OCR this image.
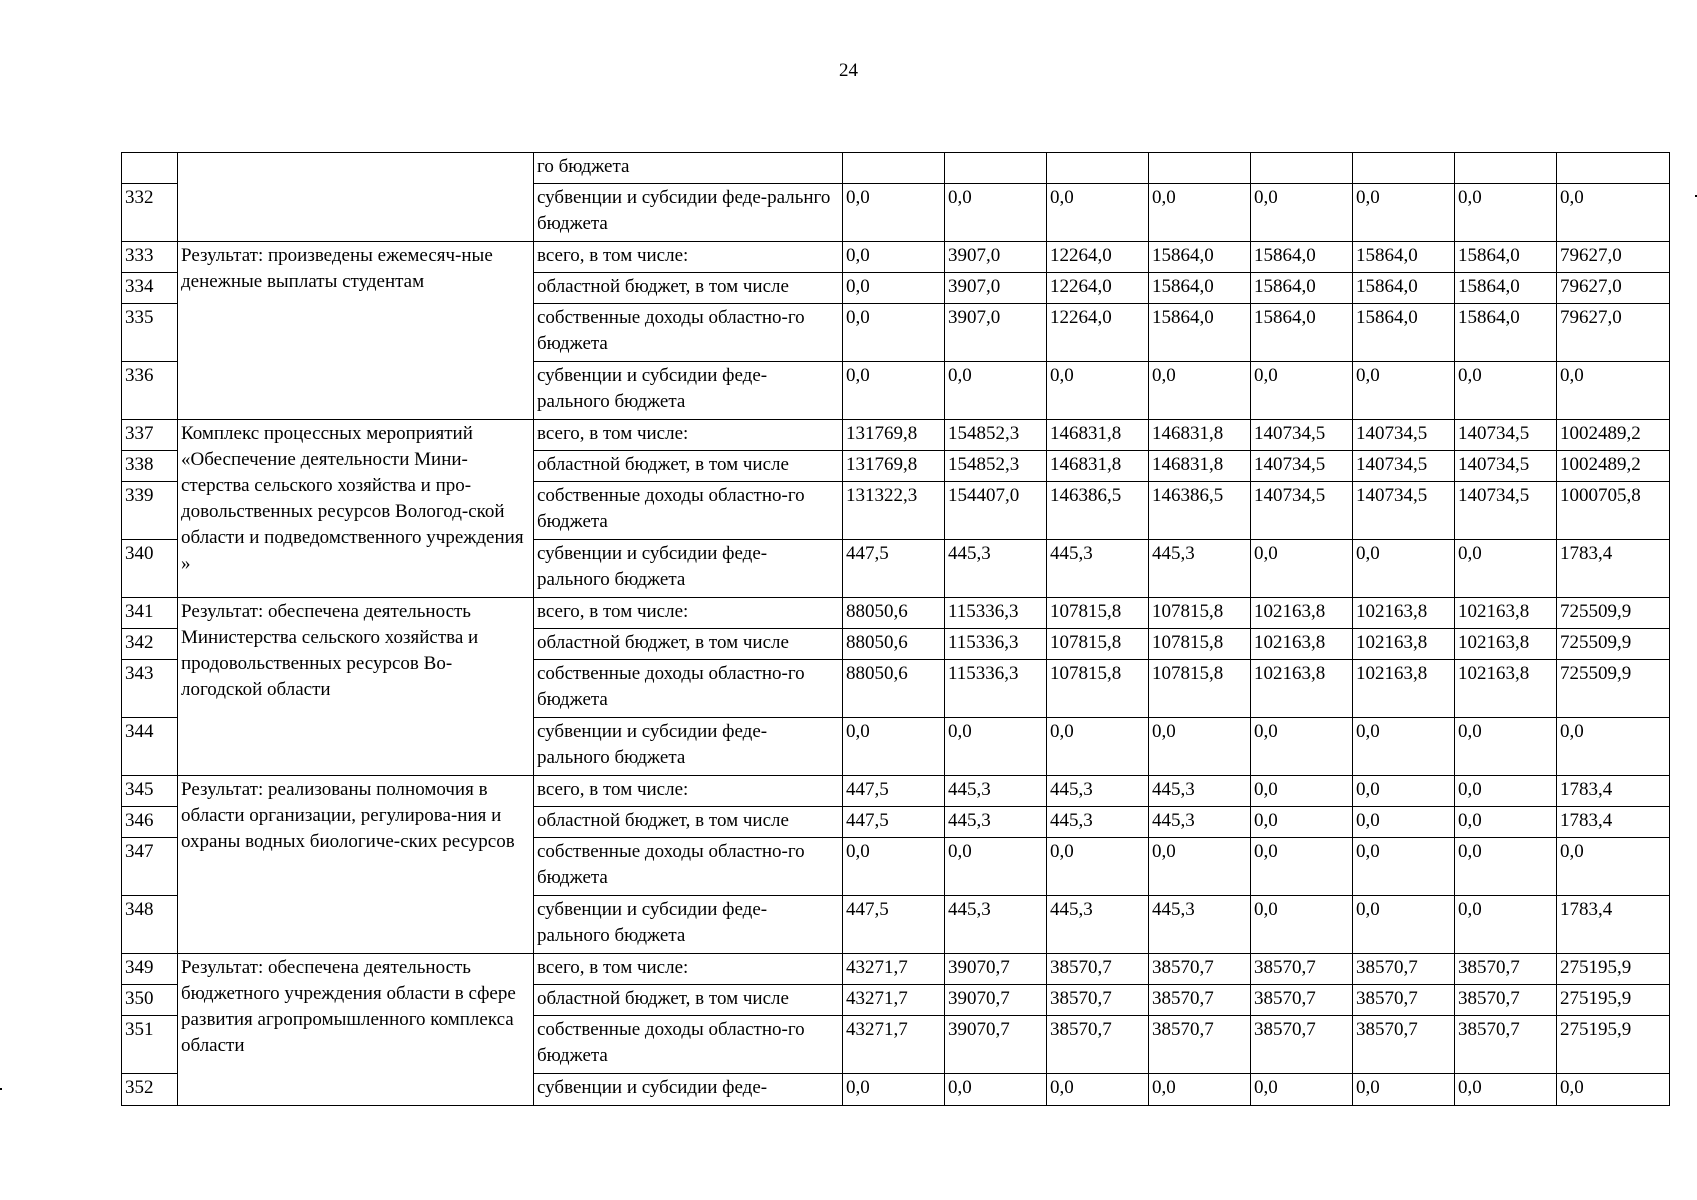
24
		го бюджета								
332		субвенции и субсидии феде-ральнго бюджета	0,0	0,0	0,0	0,0	0,0	0,0	0,0	0,0
333	Результат: произведены ежемесяч-ные денежные выплаты студентам	всего, в том числе:	0,0	3907,0	12264,0	15864,0	15864,0	15864,0	15864,0	79627,0
334		областной бюджет, в том числе	0,0	3907,0	12264,0	15864,0	15864,0	15864,0	15864,0	79627,0
335		собственные доходы областно-го бюджета	0,0	3907,0	12264,0	15864,0	15864,0	15864,0	15864,0	79627,0
336		субвенции и субсидии феде-рального бюджета	0,0	0,0	0,0	0,0	0,0	0,0	0,0	0,0
337	Комплекс процессных мероприятий «Обеспечение деятельности Мини-стерства сельского хозяйства и про-довольственных ресурсов Вологод-ской области и подведомственного учреждения »	всего, в том числе:	131769,8	154852,3	146831,8	146831,8	140734,5	140734,5	140734,5	1002489,2
338		областной бюджет, в том числе	131769,8	154852,3	146831,8	146831,8	140734,5	140734,5	140734,5	1002489,2
339		собственные доходы областно-го бюджета	131322,3	154407,0	146386,5	146386,5	140734,5	140734,5	140734,5	1000705,8
340		субвенции и субсидии феде-рального бюджета	447,5	445,3	445,3	445,3	0,0	0,0	0,0	1783,4
341	Результат: обеспечена деятельность Министерства сельского хозяйства и продовольственных ресурсов Во-логодской области	всего, в том числе:	88050,6	115336,3	107815,8	107815,8	102163,8	102163,8	102163,8	725509,9
342		областной бюджет, в том числе	88050,6	115336,3	107815,8	107815,8	102163,8	102163,8	102163,8	725509,9
343		собственные доходы областно-го бюджета	88050,6	115336,3	107815,8	107815,8	102163,8	102163,8	102163,8	725509,9
344		субвенции и субсидии феде-рального бюджета	0,0	0,0	0,0	0,0	0,0	0,0	0,0	0,0
345	Результат: реализованы полномочия в области организации, регулирова-ния и охраны водных биологиче-ских ресурсов	всего, в том числе:	447,5	445,3	445,3	445,3	0,0	0,0	0,0	1783,4
346		областной бюджет, в том числе	447,5	445,3	445,3	445,3	0,0	0,0	0,0	1783,4
347		собственные доходы областно-го бюджета	0,0	0,0	0,0	0,0	0,0	0,0	0,0	0,0
348		субвенции и субсидии феде-рального бюджета	447,5	445,3	445,3	445,3	0,0	0,0	0,0	1783,4
349	Результат: обеспечена деятельность бюджетного учреждения области в сфере развития агропромышленного комплекса области	всего, в том числе:	43271,7	39070,7	38570,7	38570,7	38570,7	38570,7	38570,7	275195,9
350		областной бюджет, в том числе	43271,7	39070,7	38570,7	38570,7	38570,7	38570,7	38570,7	275195,9
351		собственные доходы областно-го бюджета	43271,7	39070,7	38570,7	38570,7	38570,7	38570,7	38570,7	275195,9
352		субвенции и субсидии феде-	0,0	0,0	0,0	0,0	0,0	0,0	0,0	0,0
